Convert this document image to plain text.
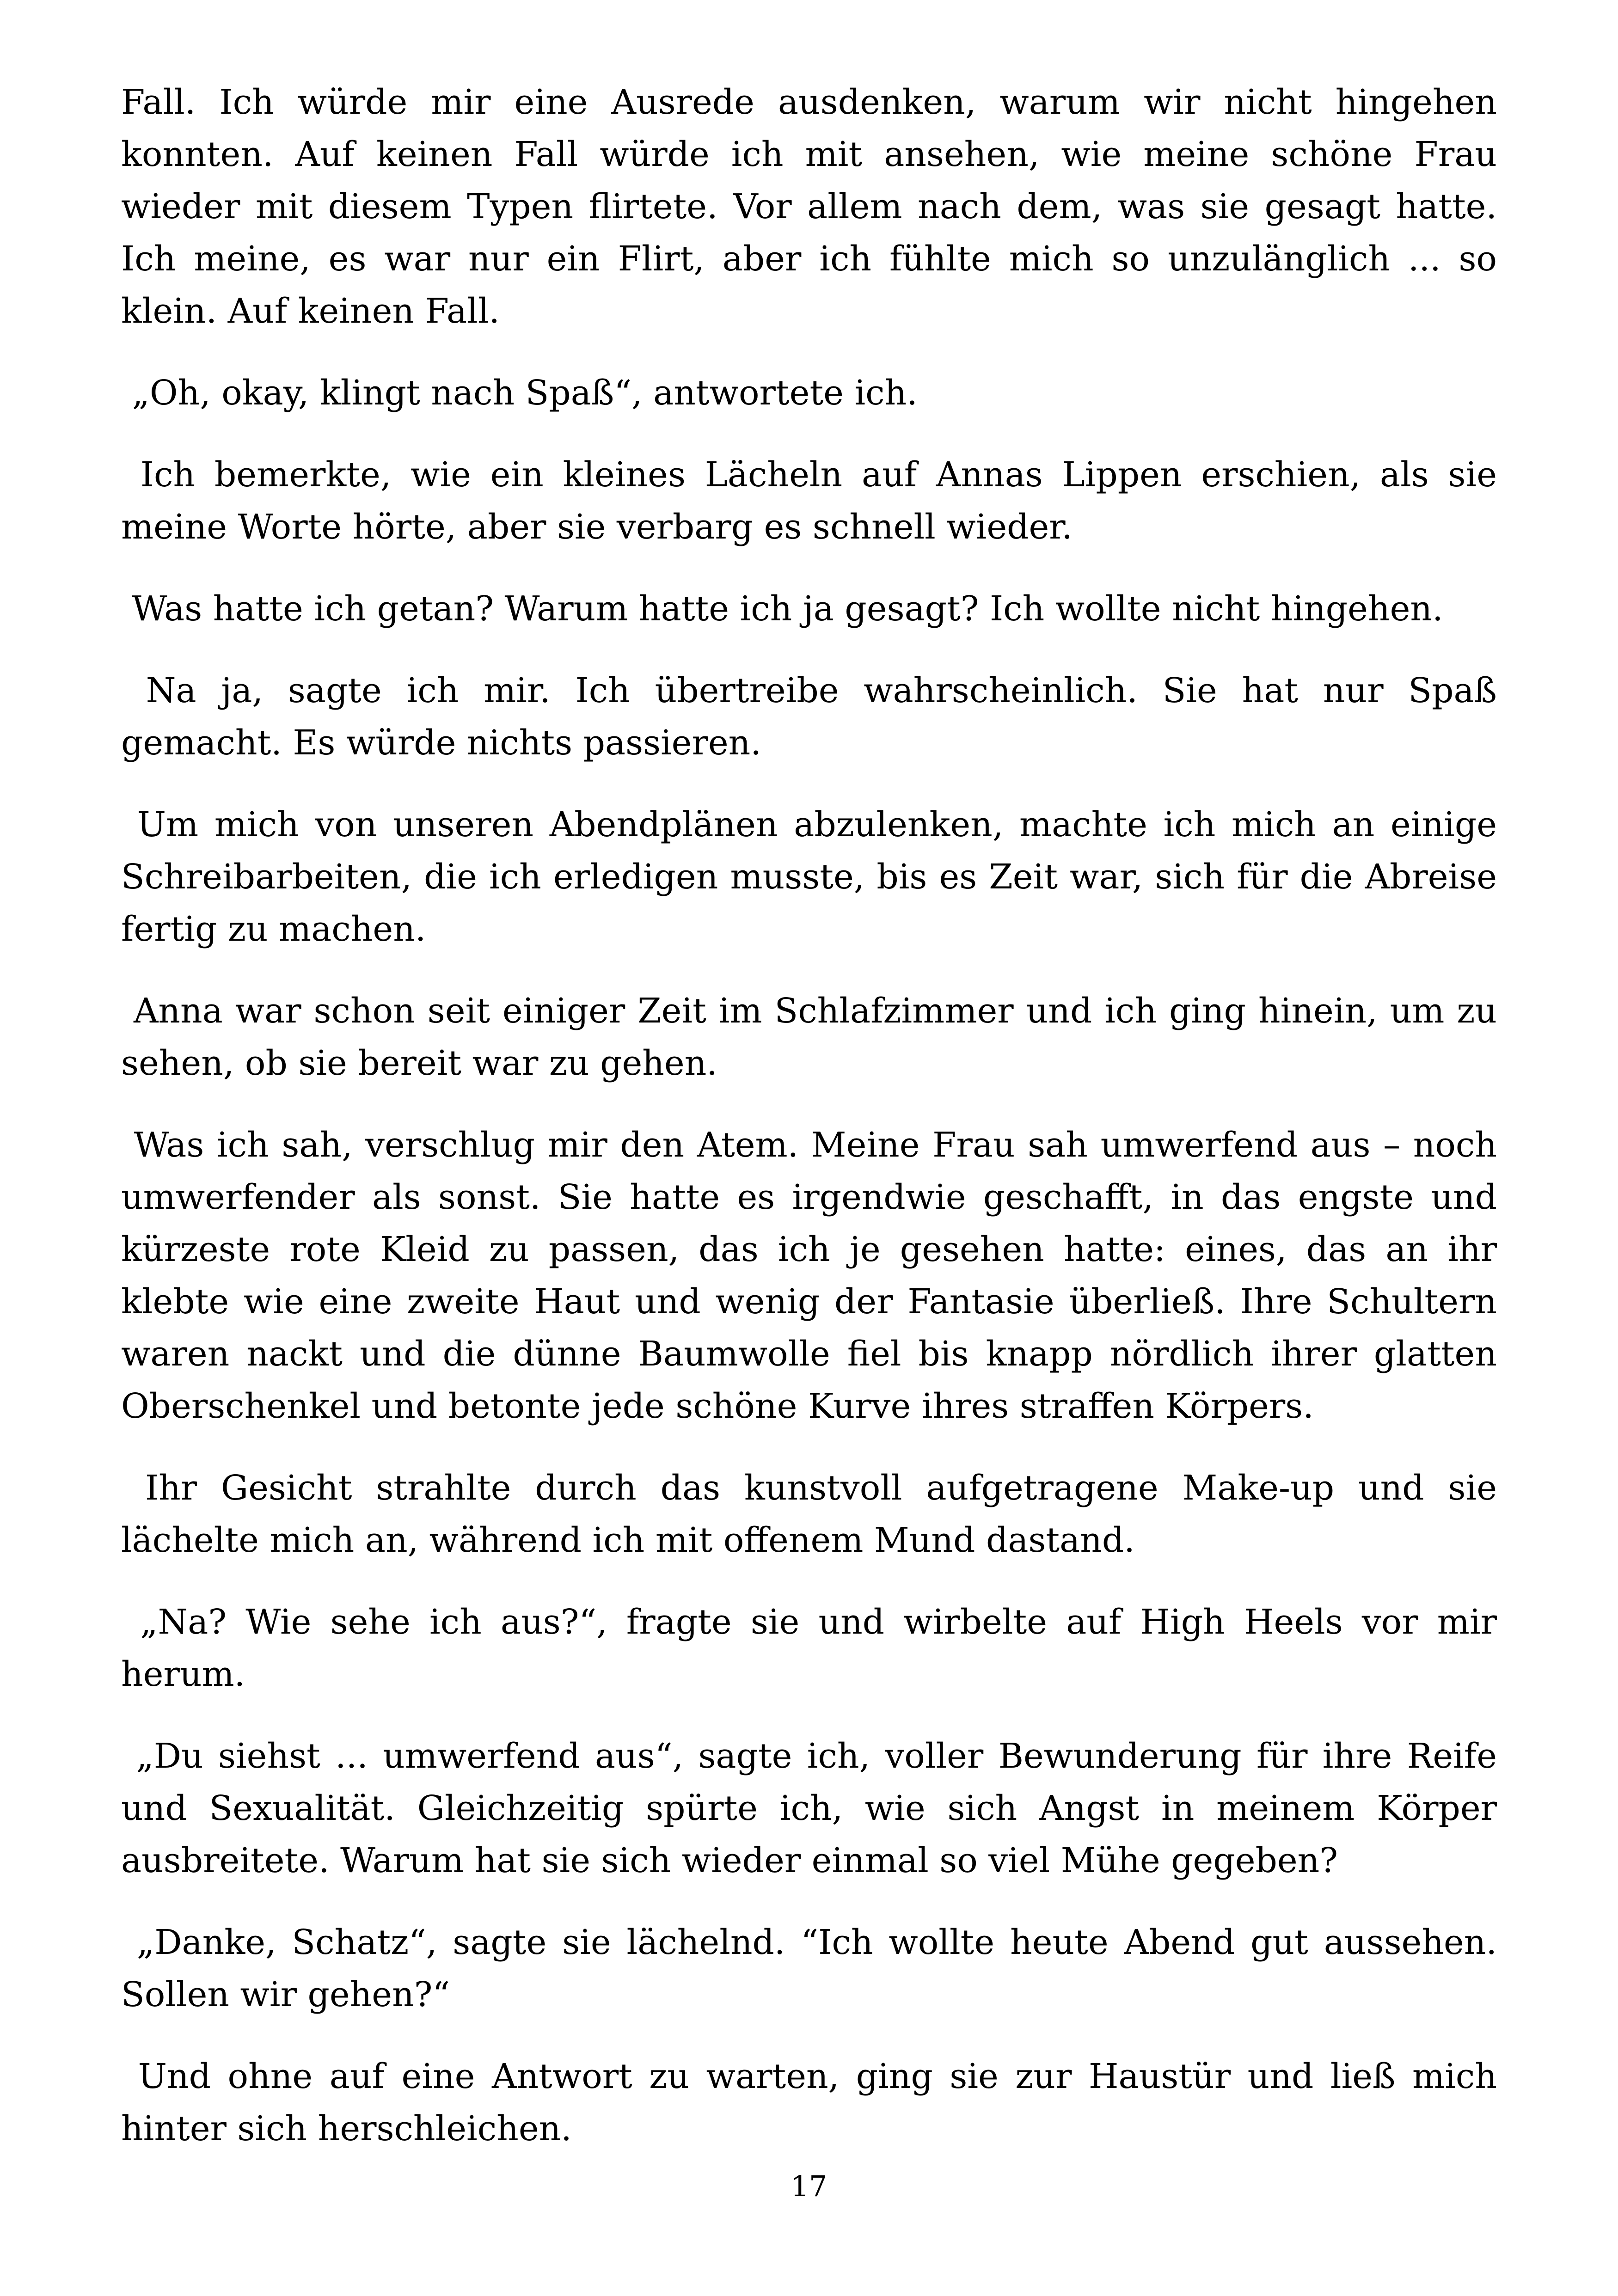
Fall. Ich würde mir eine Ausrede ausdenken, warum wir nicht hingehen konnten. Auf keinen Fall würde ich mit ansehen, wie meine schöne Frau wieder mit diesem Typen flirtete. Vor allem nach dem, was sie gesagt hatte. Ich meine, es war nur ein Flirt, aber ich fühlte mich so unzulänglich ... so klein. Auf keinen Fall.

„Oh, okay, klingt nach Spaß“, antwortete ich.

Ich bemerkte, wie ein kleines Lächeln auf Annas Lippen erschien, als sie meine Worte hörte, aber sie verbarg es schnell wieder.

Was hatte ich getan? Warum hatte ich ja gesagt? Ich wollte nicht hingehen.

Na ja, sagte ich mir. Ich übertreibe wahrscheinlich. Sie hat nur Spaß gemacht. Es würde nichts passieren.

Um mich von unseren Abendplänen abzulenken, machte ich mich an einige Schreibarbeiten, die ich erledigen musste, bis es Zeit war, sich für die Abreise fertig zu machen.

Anna war schon seit einiger Zeit im Schlafzimmer und ich ging hinein, um zu sehen, ob sie bereit war zu gehen.

Was ich sah, verschlug mir den Atem. Meine Frau sah umwerfend aus – noch umwerfender als sonst. Sie hatte es irgendwie geschafft, in das engste und kürzeste rote Kleid zu passen, das ich je gesehen hatte: eines, das an ihr klebte wie eine zweite Haut und wenig der Fantasie überließ. Ihre Schultern waren nackt und die dünne Baumwolle fiel bis knapp nördlich ihrer glatten Oberschenkel und betonte jede schöne Kurve ihres straffen Körpers.

Ihr Gesicht strahlte durch das kunstvoll aufgetragene Make-up und sie lächelte mich an, während ich mit offenem Mund dastand.

„Na? Wie sehe ich aus?“, fragte sie und wirbelte auf High Heels vor mir herum.

„Du siehst ... umwerfend aus“, sagte ich, voller Bewunderung für ihre Reife und Sexualität. Gleichzeitig spürte ich, wie sich Angst in meinem Körper ausbreitete. Warum hat sie sich wieder einmal so viel Mühe gegeben?

„Danke, Schatz“, sagte sie lächelnd. “Ich wollte heute Abend gut aussehen. Sollen wir gehen?“

Und ohne auf eine Antwort zu warten, ging sie zur Haustür und ließ mich hinter sich herschleichen.

17
